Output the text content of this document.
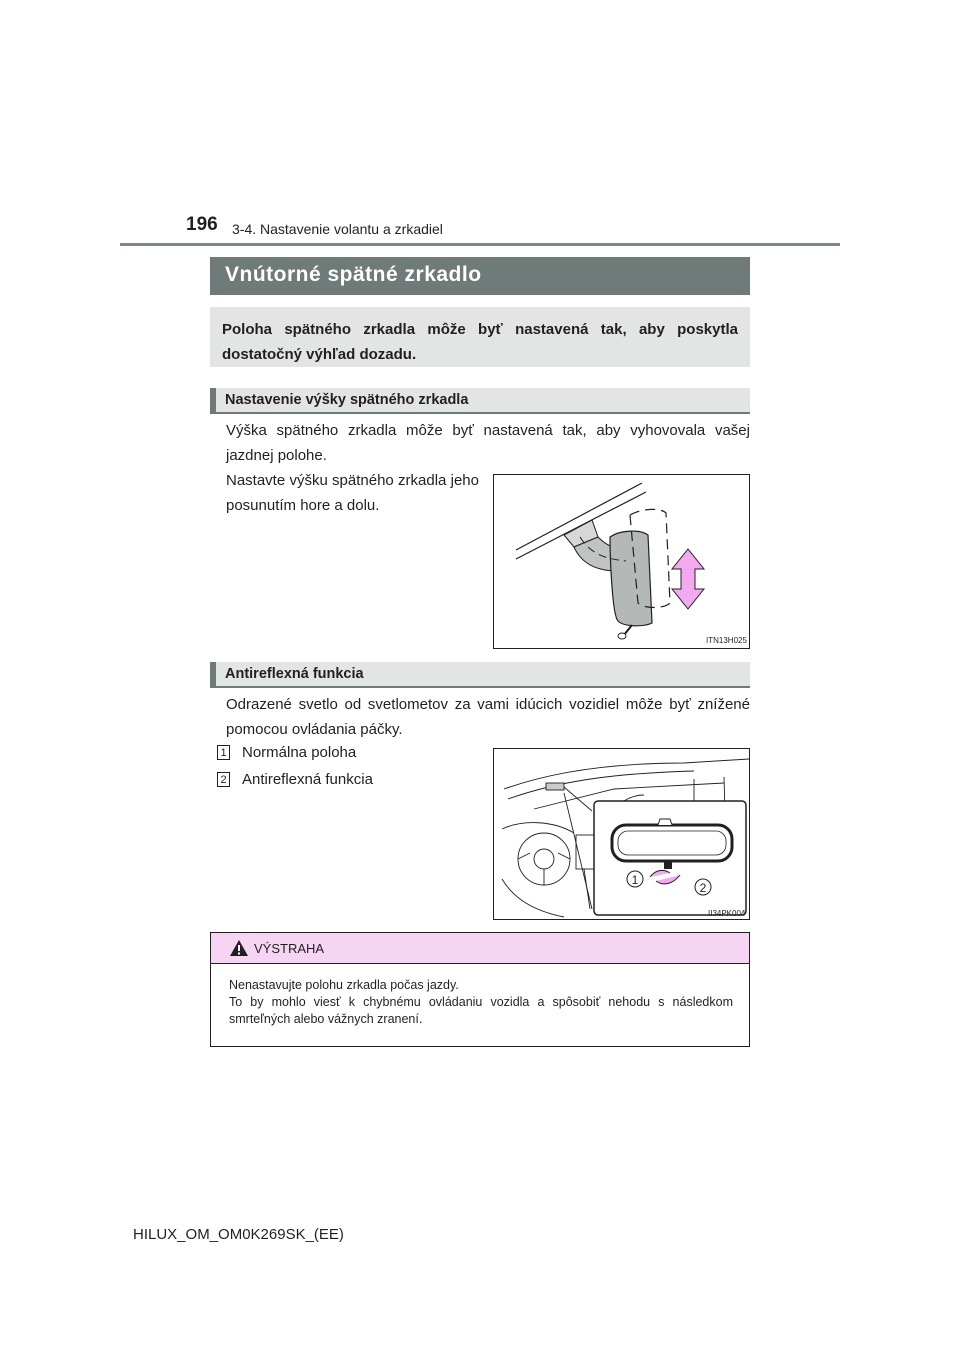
196 3-4. Nastavenie volantu a zrkadiel
Vnútorné spätné zrkadlo

Poloha spätného zrkadla môže byť nastavená tak, aby poskytla dostatočný výhľad dozadu.

Nastavenie výšky spätného zrkadla

Výška spätného zrkadla môže byť nastavená tak, aby vyhovovala vašej jazdnej polohe.

Nastavte výšku spätného zrkadla jeho posunutím hore a dolu.

ITN13H025
Antireflexná funkcia

Odrazené svetlo od svetlometov za vami idúcich vozidiel môže byť znížené pomocou ovládania páčky.

1 Normálna poloha
2 Antireflexná funkcia
1
2
II34PK004
VÝSTRAHA

Nenastavujte polohu zrkadla počas jazdy.

To by mohlo viesť k chybnému ovládaniu vozidla a spôsobiť nehodu s následkom smrteľných alebo vážnych zranení.

HILUX_OM_OM0K269SK_(EE)
